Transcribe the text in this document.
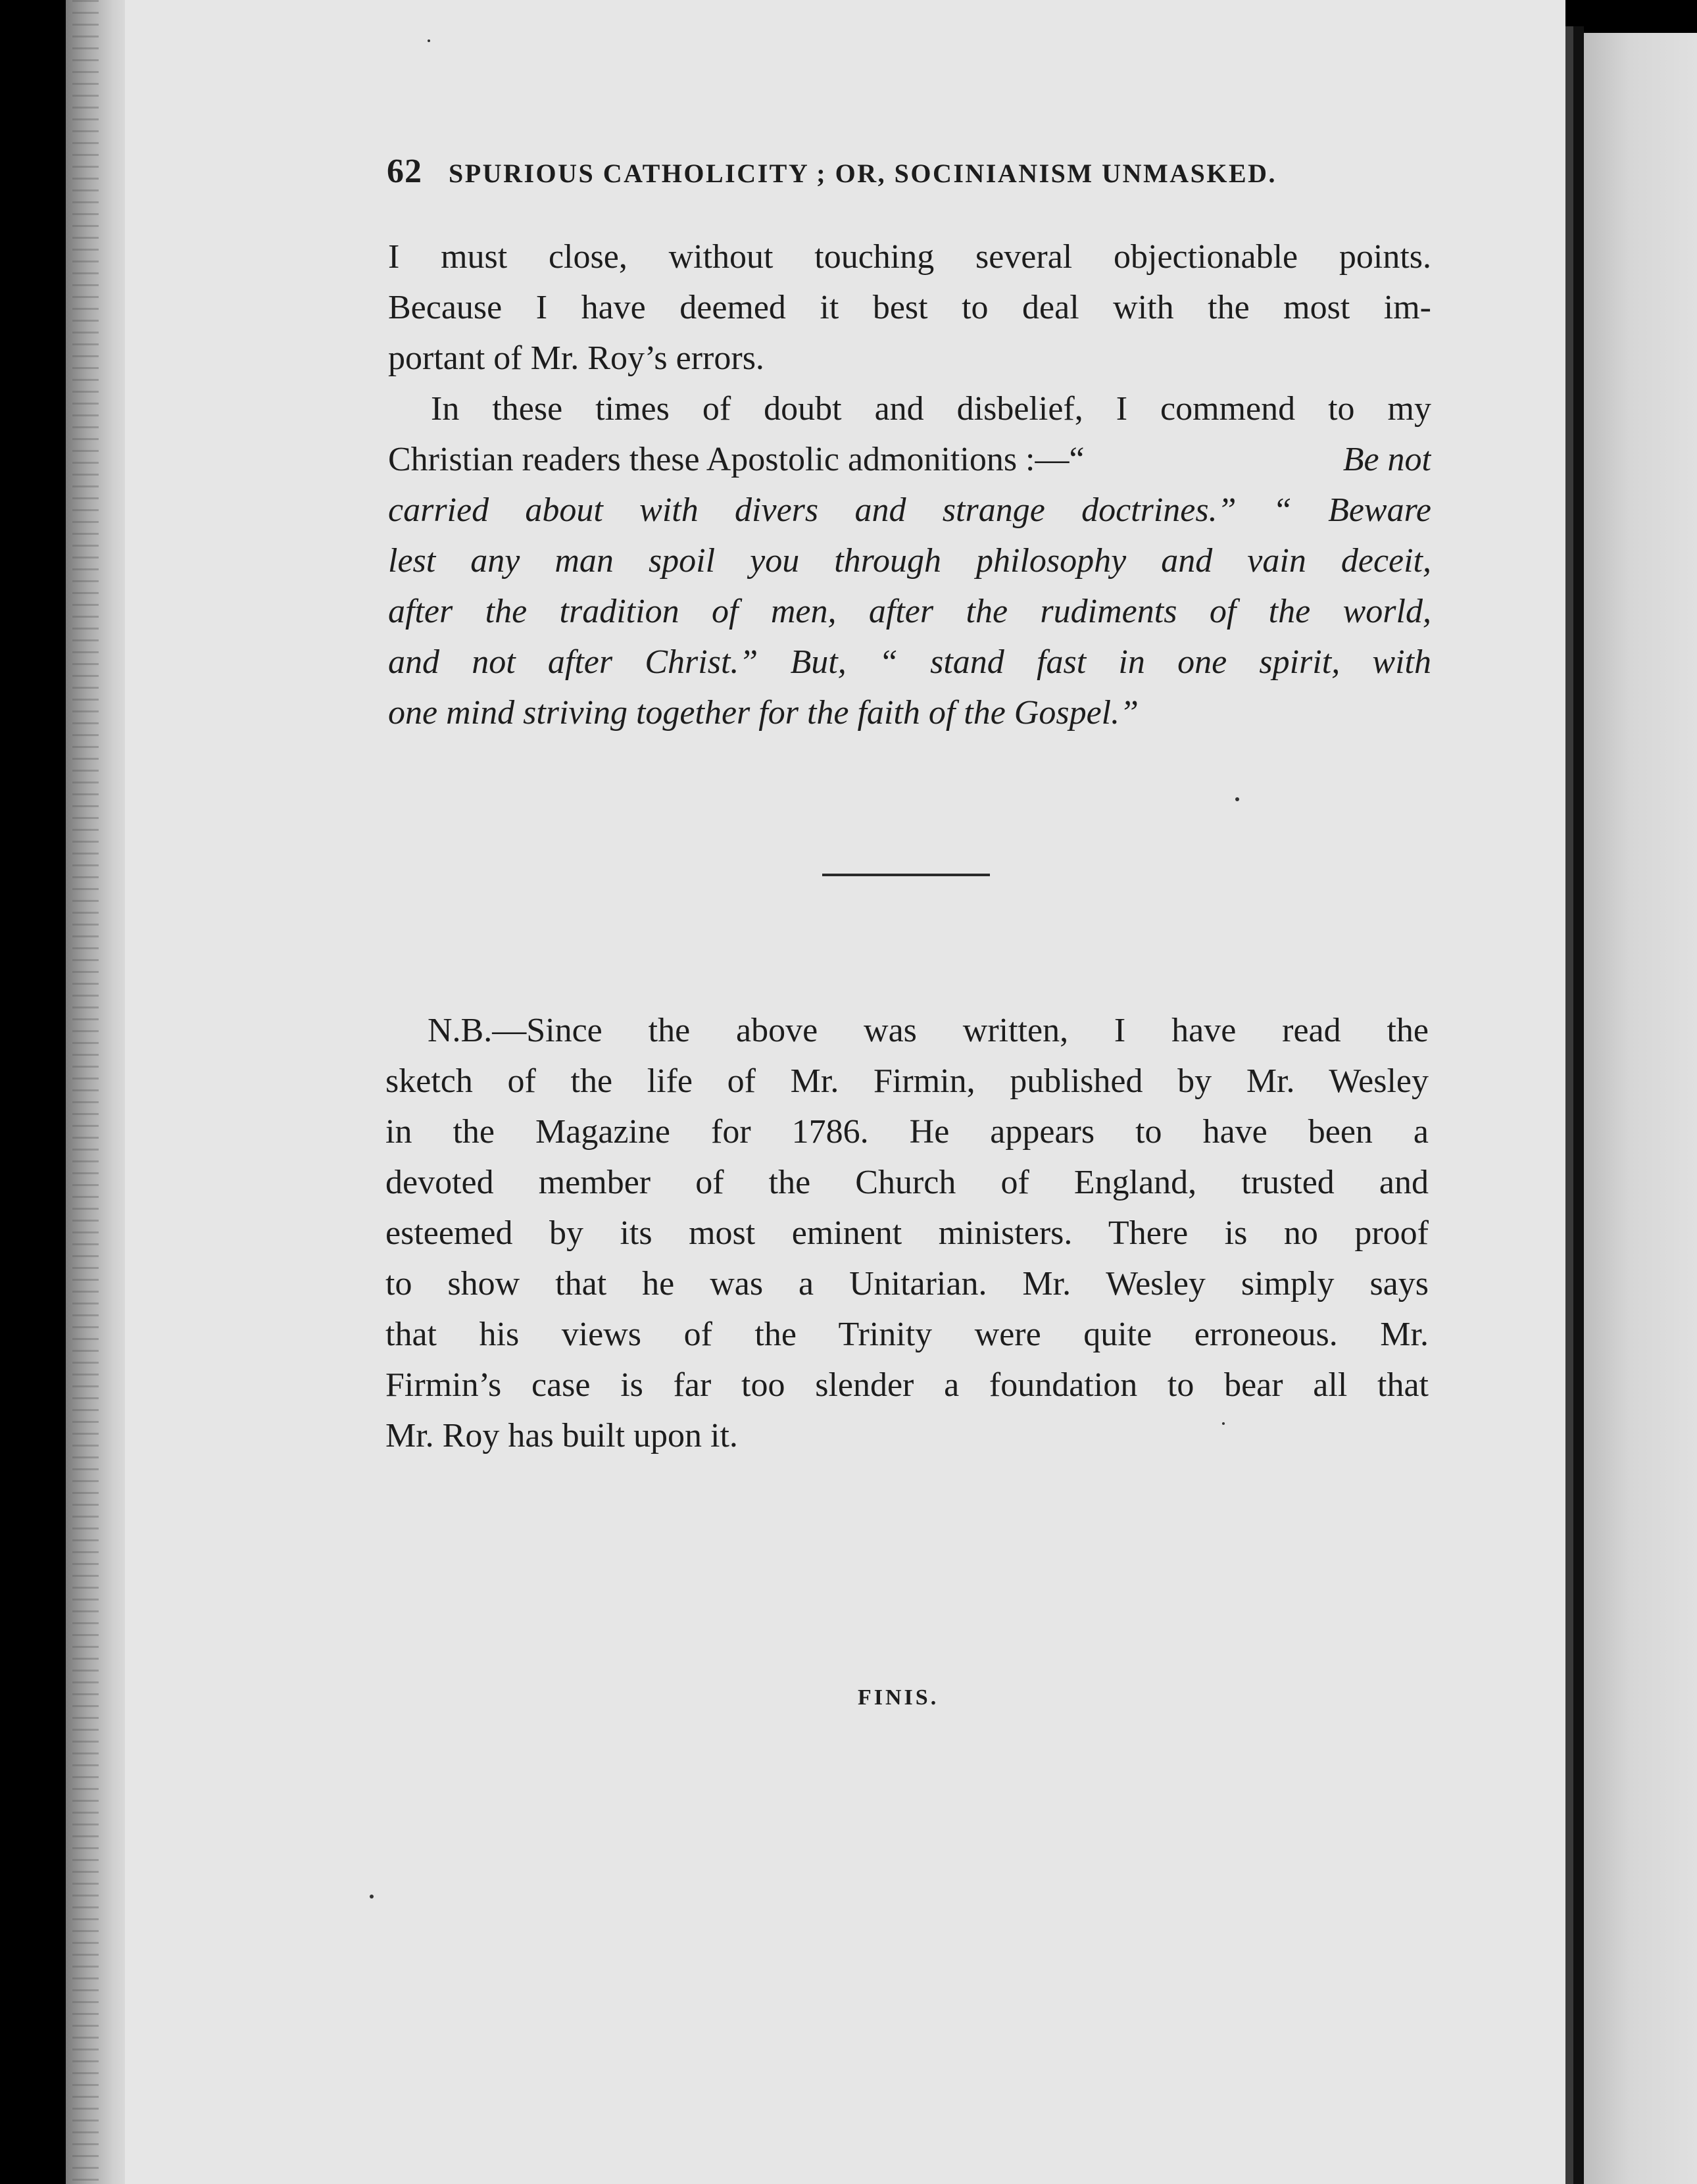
62 SPURIOUS CATHOLICITY ; OR, SOCINIANISM UNMASKED.

I must close, without touching several objectionable points.

Because I have deemed it best to deal with the most im-

portant of Mr. Roy’s errors.

In these times of doubt and disbelief, I commend to my

Christian readers these Apostolic admonitions :—“	Be not

carried about with divers and strange doctrines.” “ Beware

lest any man spoil you through philosophy and vain deceit,

after the tradition of men, after the rudiments of the world,

and not after Christ.” But, “ stand fast in one spirit, with

one mind striving together for the faith of the Gospel.”

N.B.—Since the above was written, I have read the

sketch of the life of Mr. Firmin, published by Mr. Wesley

in the Magazine for 1786. He appears to have been a

devoted member of the Church of England, trusted and

esteemed by its most eminent ministers. There is no proof

to show that he was a Unitarian. Mr. Wesley simply says

that his views of the Trinity were quite erroneous. Mr.

Firmin’s case is far too slender a foundation to bear all that

Mr. Roy has built upon it.

FINIS.
